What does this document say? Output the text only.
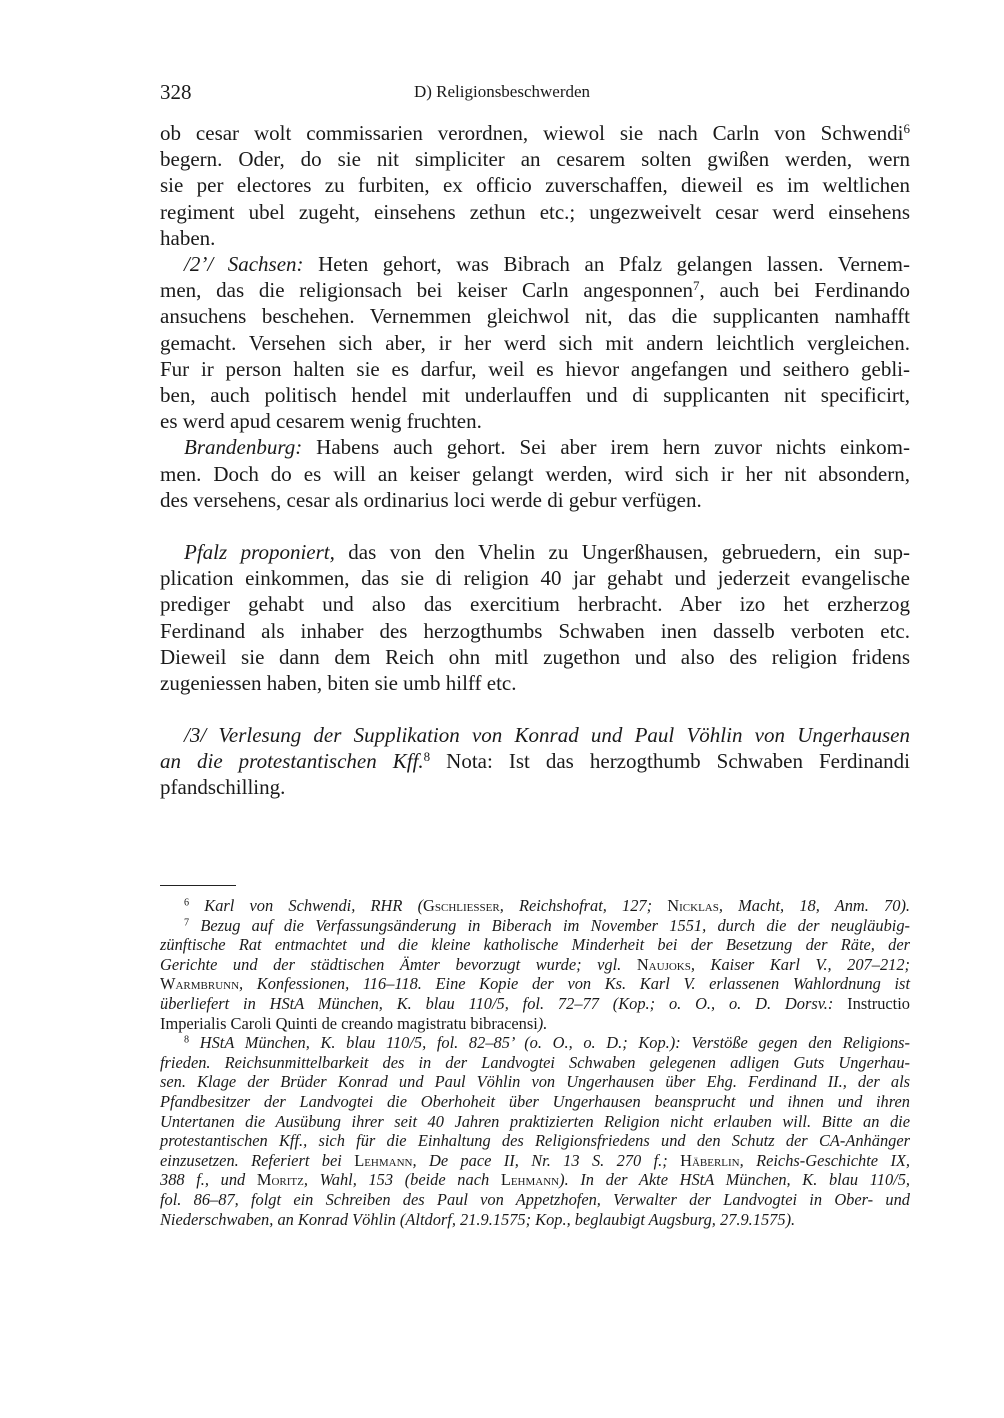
328	D) Religionsbeschwerden
ob cesar wolt commissarien verordnen, wiewol sie nach Carln von Schwendi$^6$
begern. Oder, do sie nit simpliciter an cesarem solten gwißen werden, wern
sie per electores zu furbiten, ex officio zuverschaffen, dieweil es im weltlichen
regiment ubel zugeht, einsehens zethun etc.; ungezweivelt cesar werd einsehens
haben.
/2’/ Sachsen: Heten gehort, was Bibrach an Pfalz gelangen lassen. Vernem-
men, das die religionsach bei keiser Carln angesponnen$^7$, auch bei Ferdinando
ansuchens beschehen. Vernemmen gleichwol nit, das die supplicanten namhafft
gemacht. Versehen sich aber, ir her werd sich mit andern leichtlich vergleichen.
Fur ir person halten sie es darfur, weil es hievor angefangen und seithero gebli-
ben, auch politisch hendel mit underlauffen und di supplicanten nit specificirt,
es werd apud cesarem wenig fruchten.
Brandenburg: Habens auch gehort. Sei aber irem hern zuvor nichts einkom-
men. Doch do es will an keiser gelangt werden, wird sich ir her nit absondern,
des versehens, cesar als ordinarius loci werde di gebur verfügen.
Pfalz proponiert, das von den Vhelin zu Ungerßhausen, gebruedern, ein sup-
plication einkommen, das sie di religion 40 jar gehabt und jederzeit evangelische
prediger gehabt und also das exercitium herbracht. Aber izo het erzherzog
Ferdinand als inhaber des herzogthumbs Schwaben inen dasselb verboten etc.
Dieweil sie dann dem Reich ohn mitl zugethon und also des religion fridens
zugeniessen haben, biten sie umb hilff etc.
/3/ Verlesung der Supplikation von Konrad und Paul Vöhlin von Ungerhausen
an die protestantischen Kff.$^8$ Nota: Ist das herzogthumb Schwaben Ferdinandi
pfandschilling.
$^6$ Karl von Schwendi, RHR (Gschliesser, Reichshofrat, 127; Nicklas, Macht, 18, Anm. 70).
$^7$ Bezug auf die Verfassungsänderung in Biberach im November 1551, durch die der neugläubig-
zünftische Rat entmachtet und die kleine katholische Minderheit bei der Besetzung der Räte, der
Gerichte und der städtischen Ämter bevorzugt wurde; vgl. Naujoks, Kaiser Karl V., 207–212;
Warmbrunn, Konfessionen, 116–118. Eine Kopie der von Ks. Karl V. erlassenen Wahlordnung ist
überliefert in HStA München, K. blau 110/5, fol. 72–77 (Kop.; o. O., o. D. Dorsv.: Instructio
Imperialis Caroli Quinti de creando magistratu bibracensi).
$^8$ HStA München, K. blau 110/5, fol. 82–85’ (o. O., o. D.; Kop.): Verstöße gegen den Religions-
frieden. Reichsunmittelbarkeit des in der Landvogtei Schwaben gelegenen adligen Guts Ungerhau-
sen. Klage der Brüder Konrad und Paul Vöhlin von Ungerhausen über Ehg. Ferdinand II., der als
Pfandbesitzer der Landvogtei die Oberhoheit über Ungerhausen beansprucht und ihnen und ihren
Untertanen die Ausübung ihrer seit 40 Jahren praktizierten Religion nicht erlauben will. Bitte an die
protestantischen Kff., sich für die Einhaltung des Religionsfriedens und den Schutz der CA-Anhänger
einzusetzen. Referiert bei Lehmann, De pace II, Nr. 13 S. 270 f.; Häberlin, Reichs-Geschichte IX,
388 f., und Moritz, Wahl, 153 (beide nach Lehmann). In der Akte HStA München, K. blau 110/5,
fol. 86–87, folgt ein Schreiben des Paul von Appetzhofen, Verwalter der Landvogtei in Ober- und
Niederschwaben, an Konrad Vöhlin (Altdorf, 21.9.1575; Kop., beglaubigt Augsburg, 27.9.1575).
